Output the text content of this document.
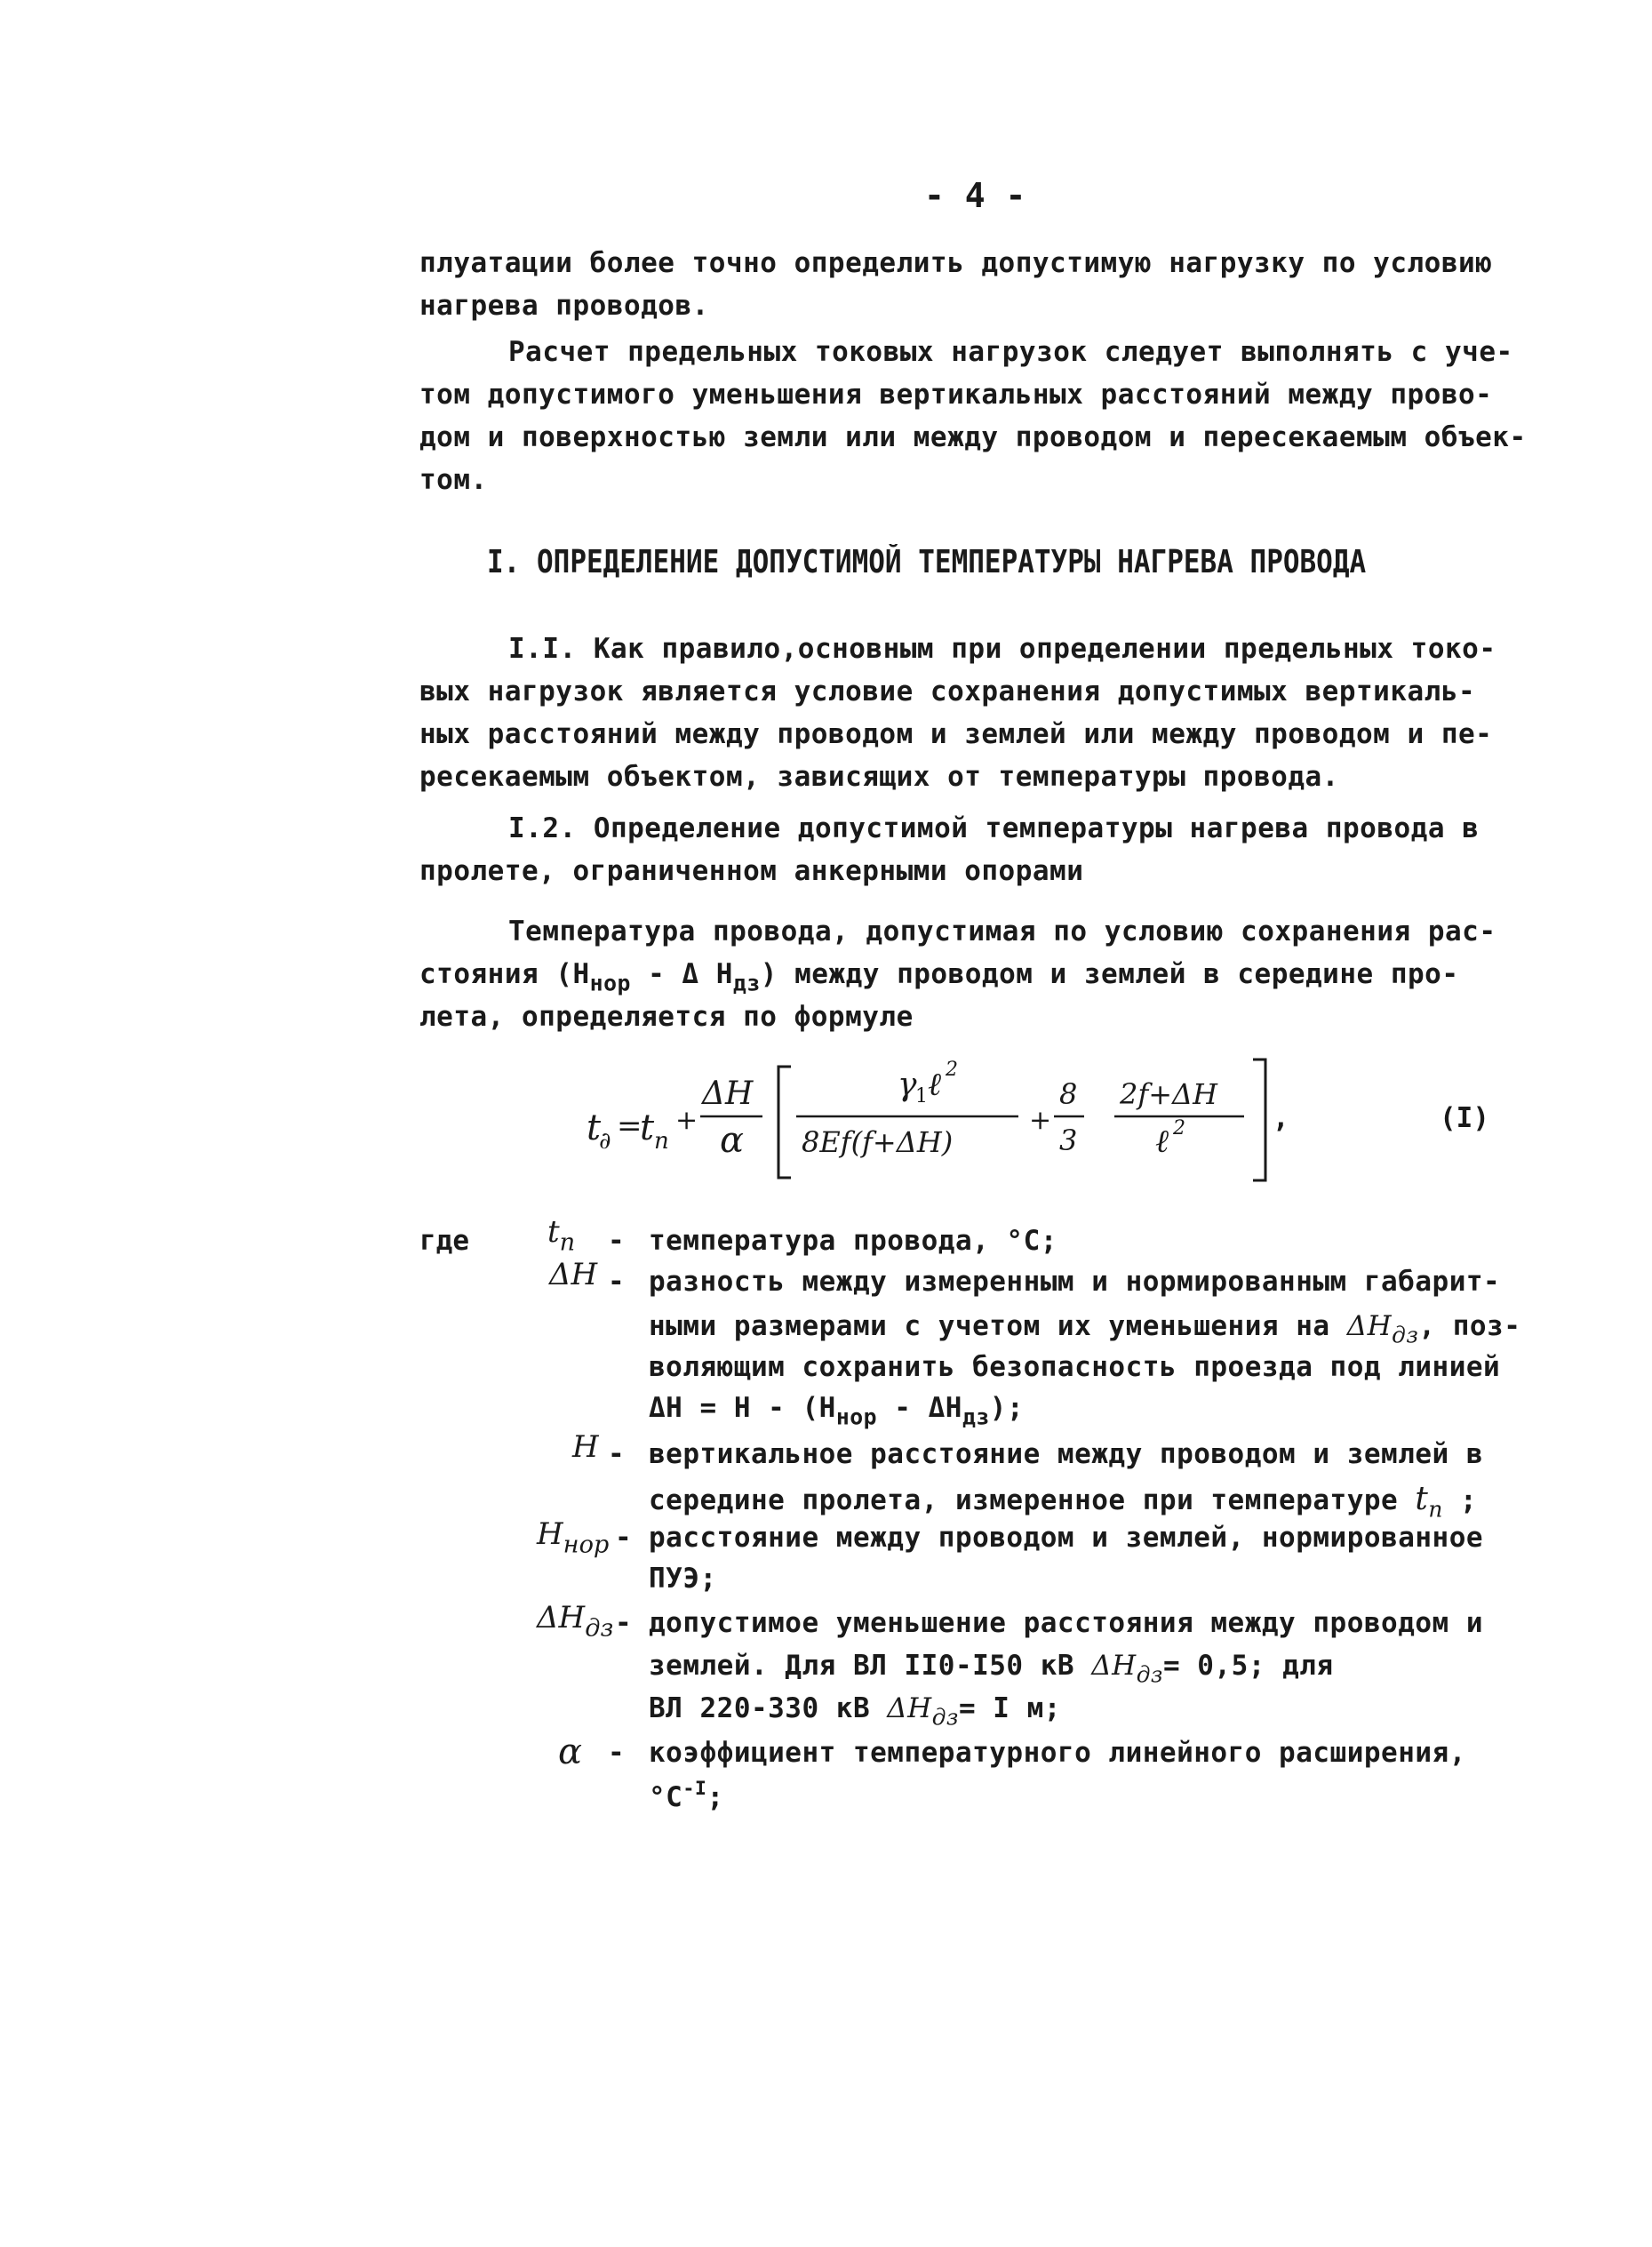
- 4 -
плуатации более точно определить допустимую нагрузку по условию
нагрева проводов.
Расчет предельных токовых нагрузок следует выполнять с уче-
том допустимого уменьшения вертикальных расстояний между прово-
дом и поверхностью земли или между проводом и пересекаемым объек-
том.
I. ОПРЕДЕЛЕНИЕ ДОПУСТИМОЙ ТЕМПЕРАТУРЫ НАГРЕВА ПРОВОДА
I.I. Как правило,основным при определении предельных токо-
вых нагрузок является условие сохранения допустимых вертикаль-
ных расстояний между проводом и землей или между проводом и пе-
ресекаемым объектом, зависящих от температуры провода.
I.2. Определение допустимой температуры нагрева провода в
пролете, ограниченном анкерными опорами
Температура провода, допустимая по условию сохранения рас-
стояния ($Н_{нор}$ - Δ $Н_{дз}$) между проводом и землей в середине про-
лета, определяется по формуле
t
∂ =
t п
+
ΔH
α
γ
1 ℓ 2
8Ef(f+ΔH)
+
8
3
2f+ΔH
ℓ 2	,	(I)
где	$t_п$ - температура провода, °С;
ΔH - разность между измеренным и нормированным габарит-
ными размерами с учетом их уменьшения на $\Delta H_{дз}$, поз-
воляющим сохранить безопасность проезда под линией
$\Delta Н = Н - (Н_{нор} - \Delta Н_{дз})$;
H - вертикальное расстояние между проводом и землей в
середине пролета, измеренное при температуре $t_п$ ;
$H_{нор}$ - расстояние между проводом и землей, нормированное
ПУЭ;
$\Delta H_{дз}$ - допустимое уменьшение расстояния между проводом и
землей. Для ВЛ II0-I50 кВ $\Delta H_{дз}= 0,5$; для
ВЛ 220-330 кВ $\Delta H_{дз}= I$ м;
α - коэффициент температурного линейного расширения,
$^\circ С^{-I}$;
